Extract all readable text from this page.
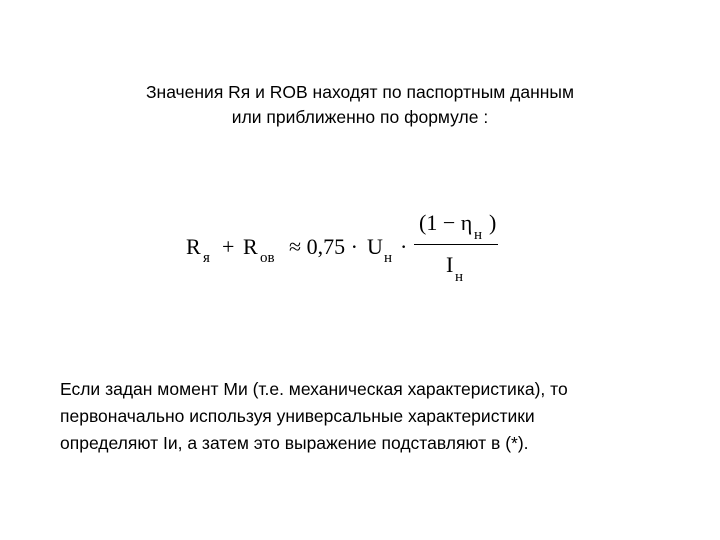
Значения Rя и ROB находят по паспортным данным
или приближенно по формуле :
R я + R ов ≈ 0,75 · U н ·
(1 − η н )
I н
Если задан момент Ми (т.е. механическая характеристика), то
первоначально используя универсальные характеристики
определяют Iи, а затем это выражение подставляют в (*).
